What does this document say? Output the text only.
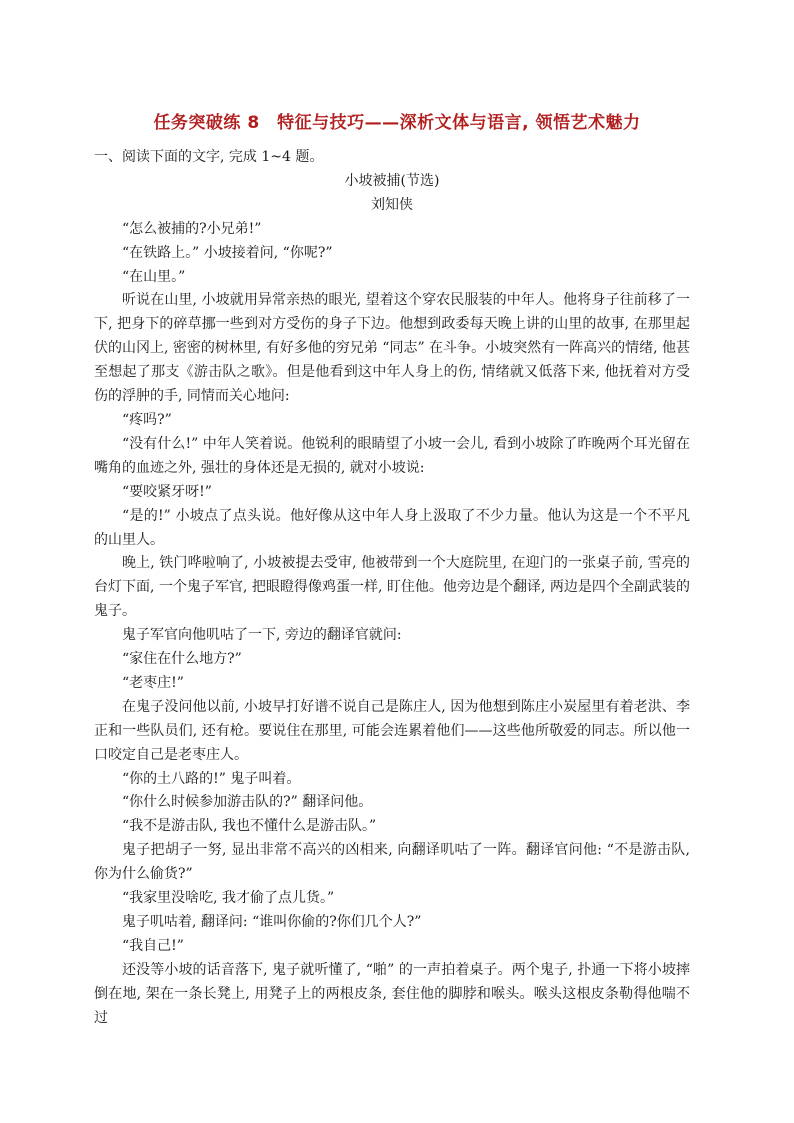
任务突破练 8　特征与技巧——深析文体与语言, 领悟艺术魅力

一、阅读下面的文字, 完成 1~4 题。

小坡被捕(节选)

刘知侠

“怎么被捕的?小兄弟!”

“在铁路上。” 小坡接着问, “你呢?”

“在山里。”

听说在山里, 小坡就用异常亲热的眼光, 望着这个穿农民服装的中年人。他将身子往前移了一下, 把身下的碎草挪一些到对方受伤的身子下边。他想到政委每天晚上讲的山里的故事, 在那里起伏的山冈上, 密密的树林里, 有好多他的穷兄弟 “同志” 在斗争。小坡突然有一阵高兴的情绪, 他甚至想起了那支《游击队之歌》。但是他看到这中年人身上的伤, 情绪就又低落下来, 他抚着对方受伤的浮肿的手, 同情而关心地问:

“疼吗?”

“没有什么!” 中年人笑着说。他锐利的眼睛望了小坡一会儿, 看到小坡除了昨晚两个耳光留在嘴角的血迹之外, 强壮的身体还是无损的, 就对小坡说:

“要咬紧牙呀!”

“是的!” 小坡点了点头说。他好像从这中年人身上汲取了不少力量。他认为这是一个不平凡的山里人。

晚上, 铁门哗啦响了, 小坡被提去受审, 他被带到一个大庭院里, 在迎门的一张桌子前, 雪亮的台灯下面, 一个鬼子军官, 把眼瞪得像鸡蛋一样, 盯住他。他旁边是个翻译, 两边是四个全副武装的鬼子。

鬼子军官向他叽咕了一下, 旁边的翻译官就问:

“家住在什么地方?”

“老枣庄!”

在鬼子没问他以前, 小坡早打好谱不说自己是陈庄人, 因为他想到陈庄小炭屋里有着老洪、李正和一些队员们, 还有枪。要说住在那里, 可能会连累着他们——这些他所敬爱的同志。所以他一口咬定自己是老枣庄人。

“你的土八路的!” 鬼子叫着。

“你什么时候参加游击队的?” 翻译问他。

“我不是游击队, 我也不懂什么是游击队。”

鬼子把胡子一努, 显出非常不高兴的凶相来, 向翻译叽咕了一阵。翻译官问他: “不是游击队, 你为什么偷货?”

“我家里没啥吃, 我才偷了点儿货。”

鬼子叽咕着, 翻译问: “谁叫你偷的?你们几个人?”

“我自己!”

还没等小坡的话音落下, 鬼子就听懂了, “啪” 的一声拍着桌子。两个鬼子, 扑通一下将小坡摔倒在地, 架在一条长凳上, 用凳子上的两根皮条, 套住他的脚脖和喉头。喉头这根皮条勒得他喘不过
